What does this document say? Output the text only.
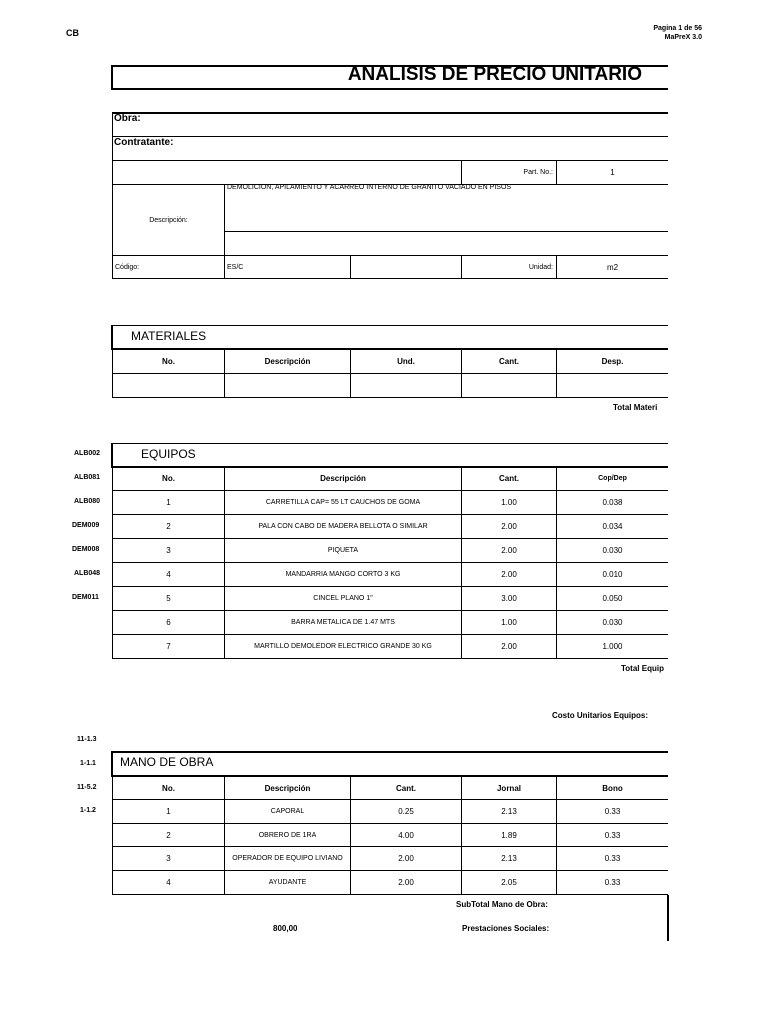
CB	Pagina 1 de 56
MaPreX 3.0
ANALISIS DE PRECIO UNITARIO
Obra:
Contratante:
Part. No.:	1
Descripción:
DEMOLICION, APILAMIENTO Y ACARREO INTERNO DE GRANITO VACIADO EN PISOS
Código:	ES/C	Unidad:	m2
MATERIALES
No.	Descripción	Und.	Cant.	Desp.
Total Materi
ALB002
ALB081
ALB080
DEM009
DEM008
ALB048
DEM011
EQUIPOS
No.	Descripción	Cant.	Cop/Dep
1	CARRETILLA CAP= 55 LT CAUCHOS DE GOMA	1.00	0.038
2	PALA CON CABO DE MADERA BELLOTA O SIMILAR	2.00	0.034
3	PIQUETA	2.00	0.030
4	MANDARRIA MANGO CORTO 3 KG	2.00	0.010
5	CINCEL PLANO 1"	3.00	0.050
6	BARRA METALICA DE 1.47 MTS	1.00	0.030
7	MARTILLO DEMOLEDOR ELECTRICO GRANDE 30 KG	2.00	1.000
Total Equip
Costo Unitarios Equipos:
11-1.3
1-1.1
11-5.2
1-1.2
MANO DE OBRA
No.	Descripción	Cant.	Jornal	Bono
1	CAPORAL	0.25	2.13	0.33
2	OBRERO DE 1RA	4.00	1.89	0.33
3	OPERADOR DE EQUIPO LIVIANO	2.00	2.13	0.33
4	AYUDANTE	2.00	2.05	0.33
SubTotal Mano de Obra:
800,00	Prestaciones Sociales:
